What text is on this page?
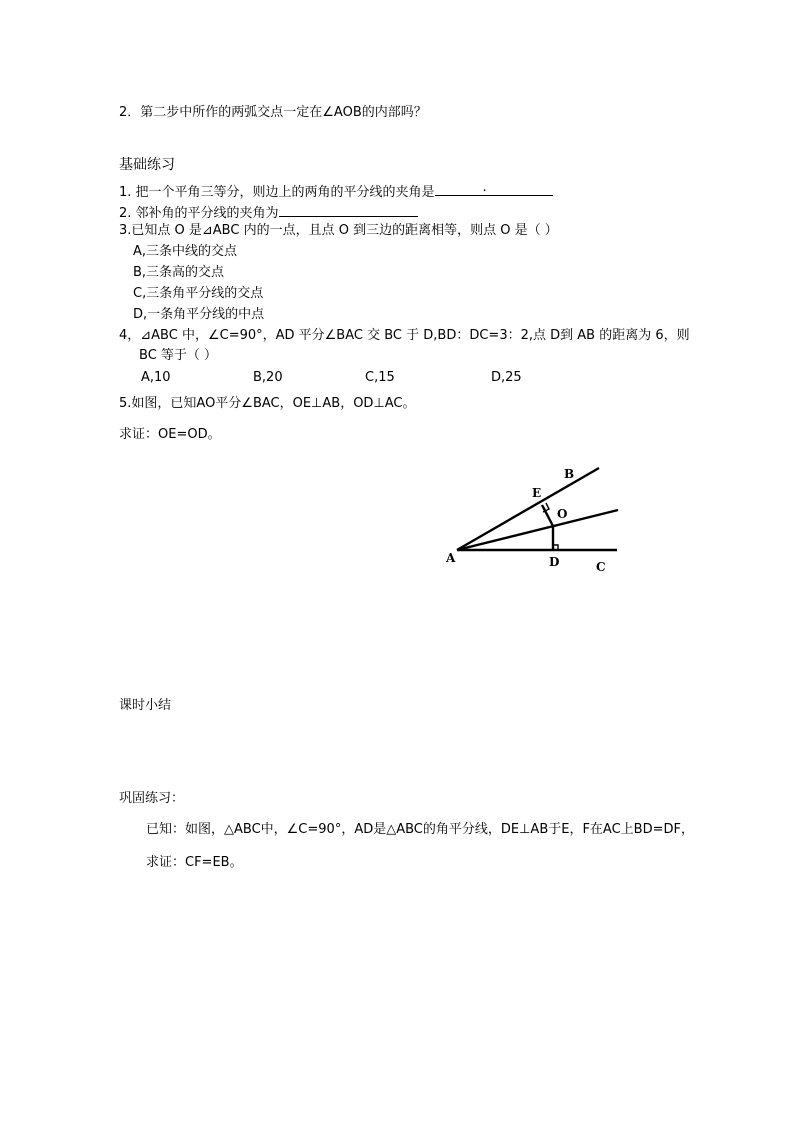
2．第二步中所作的两弧交点一定在∠AOB的内部吗？
基础练习
1. 把一个平角三等分，则边上的两角的平分线的夹角是	.
2. 邻补角的平分线的夹角为
3.已知点 O 是⊿ABC 内的一点，且点 O 到三边的距离相等，则点 O 是（ ）
A,三条中线的交点
B,三条高的交点
C,三条角平分线的交点
D,一条角平分线的中点
4，⊿ABC 中，∠C=90°，AD 平分∠BAC 交 BC 于 D,BD：DC=3：2,点 D到 AB 的距离为 6，则
BC 等于（ ）
A,10	B,20	C,15	D,25
5.如图，已知AO平分∠BAC，OE⊥AB，OD⊥AC。
求证：OE=OD。
A
B
C
D
E
O
课时小结
巩固练习：
已知：如图，△ABC中，∠C=90°，AD是△ABC的角平分线，DE⊥AB于E，F在AC上BD=DF，
求证：CF=EB。
